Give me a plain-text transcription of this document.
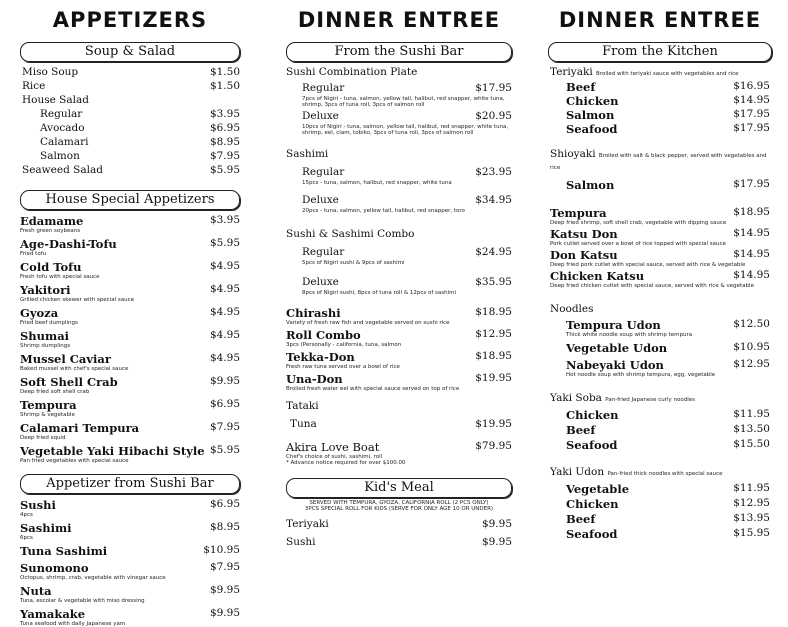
APPETIZERS
Soup & Salad
Miso Soup	$1.50
Rice	$1.50
House Salad
Regular	$3.95
Avocado	$6.95
Calamari	$8.95
Salmon	$7.95
Seaweed Salad	$5.95
House Special Appetizers
Edamame	$3.95
Fresh green soybeans
Age-Dashi-Tofu	$5.95
Fried tofu
Cold Tofu	$4.95
Fresh tofu with special sauce
Yakitori	$4.95
Grilled chicken skewer with special sauce
Gyoza	$4.95
Fried beef dumplings
Shumai	$4.95
Shrimp dumplings
Mussel Caviar	$4.95
Baked mussel with chef's special sauce
Soft Shell Crab	$9.95
Deep fried soft shell crab
Tempura	$6.95
Shrimp & vegetable
Calamari Tempura	$7.95
Deep fried squid
Vegetable Yaki Hibachi Style $5.95
Pan fried vegetables with special sauce
Appetizer from Sushi Bar
Sushi	$6.95
4pcs
Sashimi	$8.95
6pcs
Tuna Sashimi	$10.95
Sunomono	$7.95
Octopus, shrimp, crab, vegetable with vinegar sauce
Nuta	$9.95
Tuna, escolar & vegetable with miso dressing
Yamakake	$9.95
Tuna seafood with daily Japanese yam
DINNER ENTREE
From the Sushi Bar
Sushi Combination Plate
Regular	$17.95
7pcs of Nigiri - tuna, salmon, yellow tail, halibut, red snapper, white tuna, shrimp, 3pcs of tuna roll, 3pcs of salmon roll
Deluxe	$20.95
10pcs of Nigiri - tuna, salmon, yellow tail, halibut, red snapper, white tuna, shrimp, eel, clam, tobiko, 3pcs of tuna roll, 3pcs of salmon roll
Sashimi
Regular	$23.95
15pcs - tuna, salmon, halibut, red snapper, white tuna
Deluxe	$34.95
20pcs - tuna, salmon, yellow tail, halibut, red snapper, toro
Sushi & Sashimi Combo
Regular	$24.95
5pcs of Nigiri sushi & 9pcs of sashimi
Deluxe	$35.95
8pcs of Nigiri sushi, 8pcs of tuna roll & 12pcs of sashimi
Chirashi	$18.95
Variety of fresh raw fish and vegetable served on sushi rice
Roll Combo	$12.95
3pcs (Personally - california, tuna, salmon
Tekka-Don	$18.95
Fresh raw tuna served over a bowl of rice
Una-Don	$19.95
Broiled fresh water eel with special sauce served on top of rice
Tataki
Tuna	$19.95
Akira Love Boat	$79.95
Chef's choice of sushi, sashimi, roll
* Advance notice required for over $100.00
Kid's Meal
SERVED WITH TEMPURA, GYOZA, CALIFORNIA ROLL (2 PCS ONLY)
3PCS SPECIAL ROLL FOR KIDS (SERVE FOR ONLY AGE 10 OR UNDER)
Teriyaki	$9.95
Sushi	$9.95
DINNER ENTREE
From the Kitchen
Teriyaki Broiled with teriyaki sauce with vegetables and rice
Beef	$16.95
Chicken	$14.95
Salmon	$17.95
Seafood	$17.95
Shioyaki Broiled with salt & black pepper, served with vegetables and rice
Salmon	$17.95
Tempura	$18.95
Deep fried shrimp, soft shell crab, vegetable with dipping sauce
Katsu Don	$14.95
Pork cutlet served over a bowl of rice topped with special sauce
Don Katsu	$14.95
Deep fried pork cutlet with special sauce, served with rice & vegetable
Chicken Katsu	$14.95
Deep fried chicken cutlet with special sauce, served with rice & vegetable
Noodles
Tempura Udon	$12.50
Thick white noodle soup with shrimp tempura
Vegetable Udon	$10.95
Nabeyaki Udon	$12.95
Hot noodle soup with shrimp tempura, egg, vegetable
Yaki Soba Pan-fried Japanese curly noodles
Chicken	$11.95
Beef	$13.50
Seafood	$15.50
Yaki Udon Pan-fried thick noodles with special sauce
Vegetable	$11.95
Chicken	$12.95
Beef	$13.95
Seafood	$15.95
